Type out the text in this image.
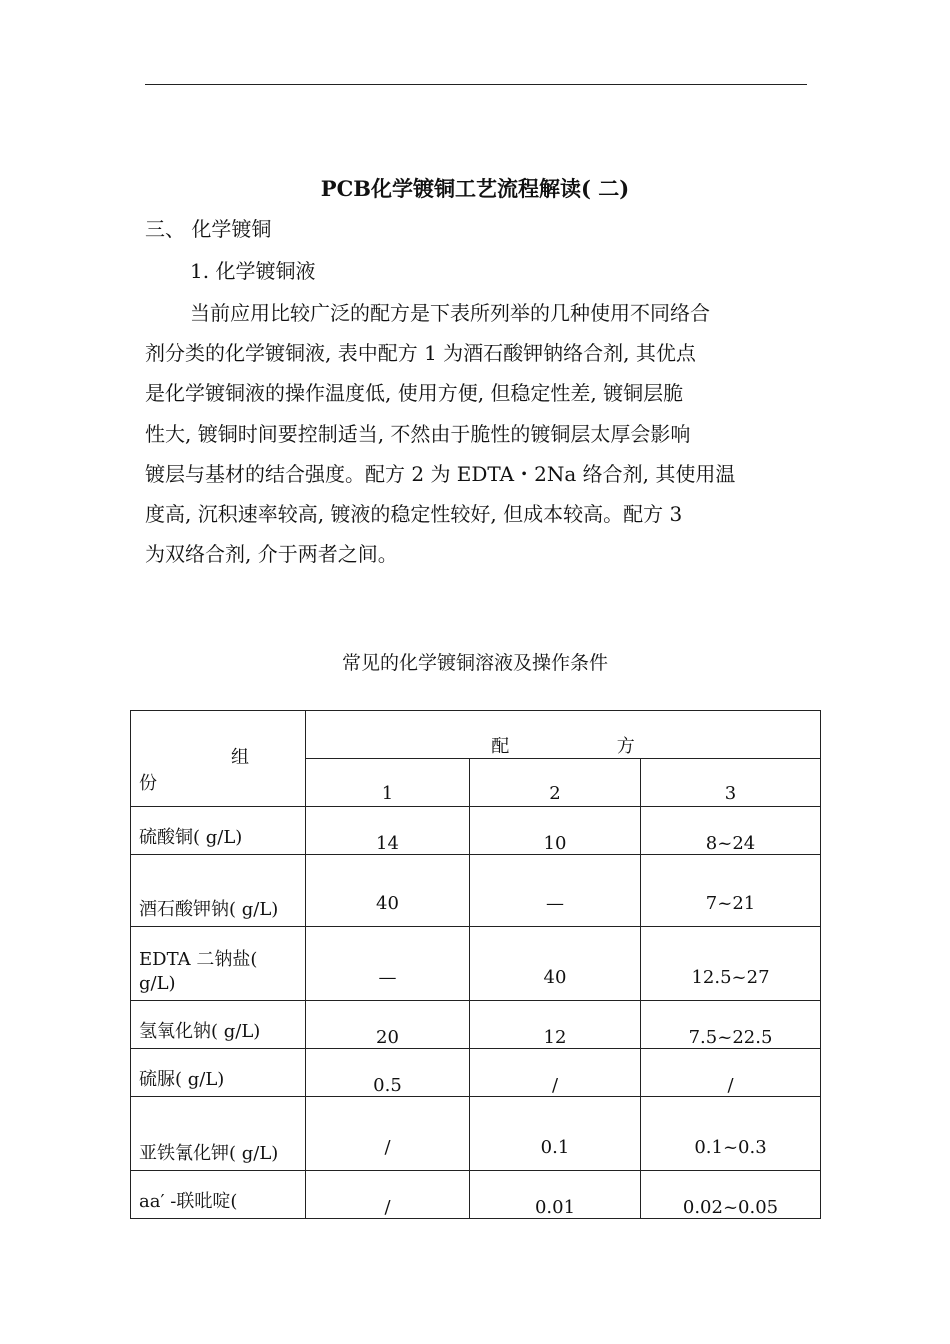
PCB化学镀铜工艺流程解读( 二)
三、 化学镀铜
1. 化学镀铜液
当前应用比较广泛的配方是下表所列举的几种使用不同络合
剂分类的化学镀铜液, 表中配方 1 为酒石酸钾钠络合剂, 其优点
是化学镀铜液的操作温度低, 使用方便, 但稳定性差, 镀铜层脆
性大, 镀铜时间要控制适当, 不然由于脆性的镀铜层太厚会影响
镀层与基材的结合强度。配方 2 为 EDTA・2Na 络合剂, 其使用温
度高, 沉积速率较高, 镀液的稳定性较好, 但成本较高。配方 3
为双络合剂, 介于两者之间。
常见的化学镀铜溶液及操作条件
组
份	配 方		
	1	2	3
硫酸铜( g/L)	14	10	8~24
酒石酸钾钠( g/L)	40	—	7~21
EDTA 二钠盐( g/L)	—	40	12.5~27
氢氧化钠( g/L)	20	12	7.5~22.5
硫脲( g/L)	0.5	/	/
亚铁氰化钾( g/L)	/	0.1	0.1~0.3
aa′ -联吡啶(	/	0.01	0.02~0.05
